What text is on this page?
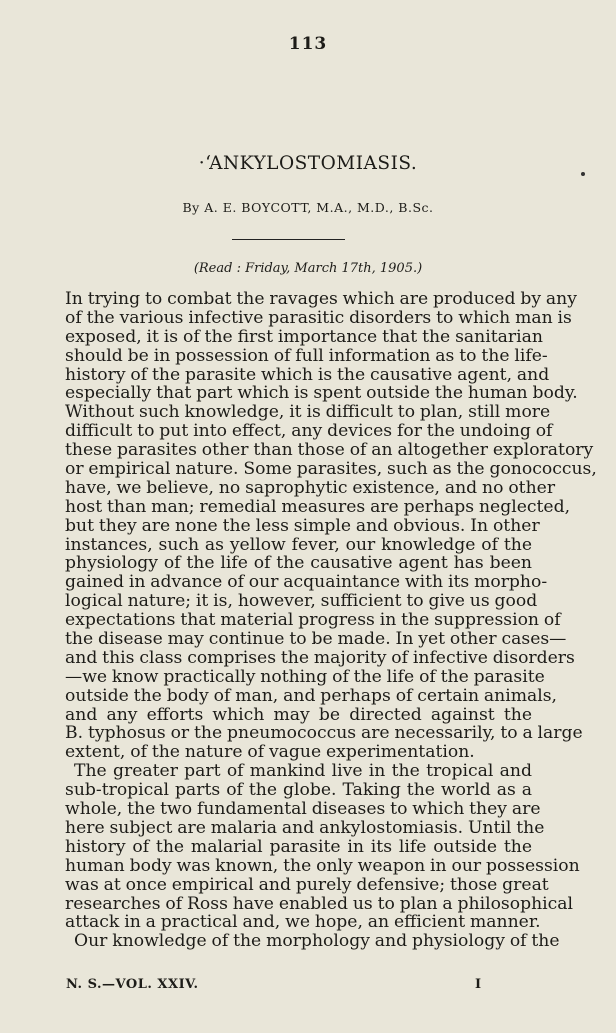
113
·‘ANKYLOSTOMIASIS.
By A. E. BOYCOTT, M.A., M.D., B.Sc.
(Read : Friday, March 17th, 1905.)
In trying to combat the ravages which are produced by any
of the various infective parasitic disorders to which man is
exposed, it is of the first importance that the sanitarian
should be in possession of full information as to the life-
history of the parasite which is the causative agent, and
especially that part which is spent outside the human body.
Without such knowledge, it is difficult to plan, still more
difficult to put into effect, any devices for the undoing of
these parasites other than those of an altogether exploratory
or empirical nature. Some parasites, such as the gonococcus,
have, we believe, no saprophytic existence, and no other
host than man; remedial measures are perhaps neglected,
but they are none the less simple and obvious. In other
instances, such as yellow fever, our knowledge of the
physiology of the life of the causative agent has been
gained in advance of our acquaintance with its morpho-
logical nature; it is, however, sufficient to give us good
expectations that material progress in the suppression of
the disease may continue to be made. In yet other cases—
and this class comprises the majority of infective disorders
—we know practically nothing of the life of the parasite
outside the body of man, and perhaps of certain animals,
and any efforts which may be directed against the
B. typhosus or the pneumococcus are necessarily, to a large
extent, of the nature of vague experimentation.
The greater part of mankind live in the tropical and
sub-tropical parts of the globe. Taking the world as a
whole, the two fundamental diseases to which they are
here subject are malaria and ankylostomiasis. Until the
history of the malarial parasite in its life outside the
human body was known, the only weapon in our possession
was at once empirical and purely defensive; those great
researches of Ross have enabled us to plan a philosophical
attack in a practical and, we hope, an efficient manner.
Our knowledge of the morphology and physiology of the
N. S.—VOL. XXIV.	I
